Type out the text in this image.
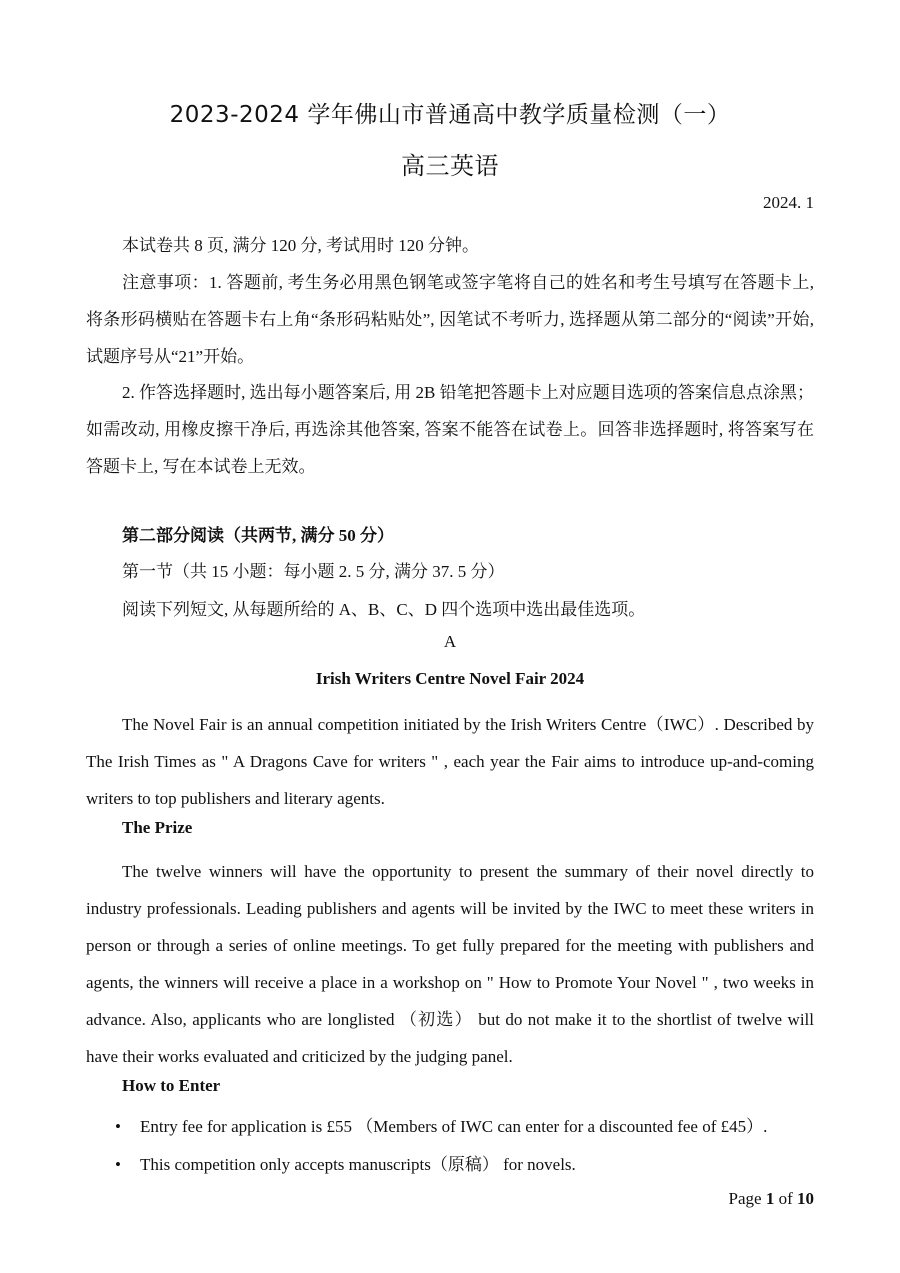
2023-2024 学年佛山市普通高中教学质量检测（一）
高三英语
2024. 1
本试卷共 8 页, 满分 120 分, 考试用时 120 分钟。
注意事项：1. 答题前, 考生务必用黑色钢笔或签字笔将自己的姓名和考生号填写在答题卡上, 将条形码横贴在答题卡右上角“条形码粘贴处”, 因笔试不考听力, 选择题从第二部分的“阅读”开始, 试题序号从“21”开始。
2. 作答选择题时, 选出每小题答案后, 用 2B 铅笔把答题卡上对应题目选项的答案信息点涂黑；如需改动, 用橡皮擦干净后, 再选涂其他答案, 答案不能答在试卷上。回答非选择题时, 将答案写在答题卡上, 写在本试卷上无效。
第二部分阅读（共两节, 满分 50 分）
第一节（共 15 小题：每小题 2. 5 分, 满分 37. 5 分）
阅读下列短文, 从每题所给的 A、B、C、D 四个选项中选出最佳选项。
A
Irish Writers Centre Novel Fair 2024
The Novel Fair is an annual competition initiated by the Irish Writers Centre（IWC）. Described by The Irish Times as " A Dragons Cave for writers " , each year the Fair aims to introduce up-and-coming writers to top publishers and literary agents.
The Prize
The twelve winners will have the opportunity to present the summary of their novel directly to industry professionals. Leading publishers and agents will be invited by the IWC to meet these writers in person or through a series of online meetings. To get fully prepared for the meeting with publishers and agents, the winners will receive a place in a workshop on " How to Promote Your Novel " , two weeks in advance. Also, applicants who are longlisted （初选） but do not make it to the shortlist of twelve will have their works evaluated and criticized by the judging panel.
How to Enter
•	Entry fee for application is £55 （Members of IWC can enter for a discounted fee of £45）.
•	This competition only accepts manuscripts（原稿） for novels.
Page 1 of 10
